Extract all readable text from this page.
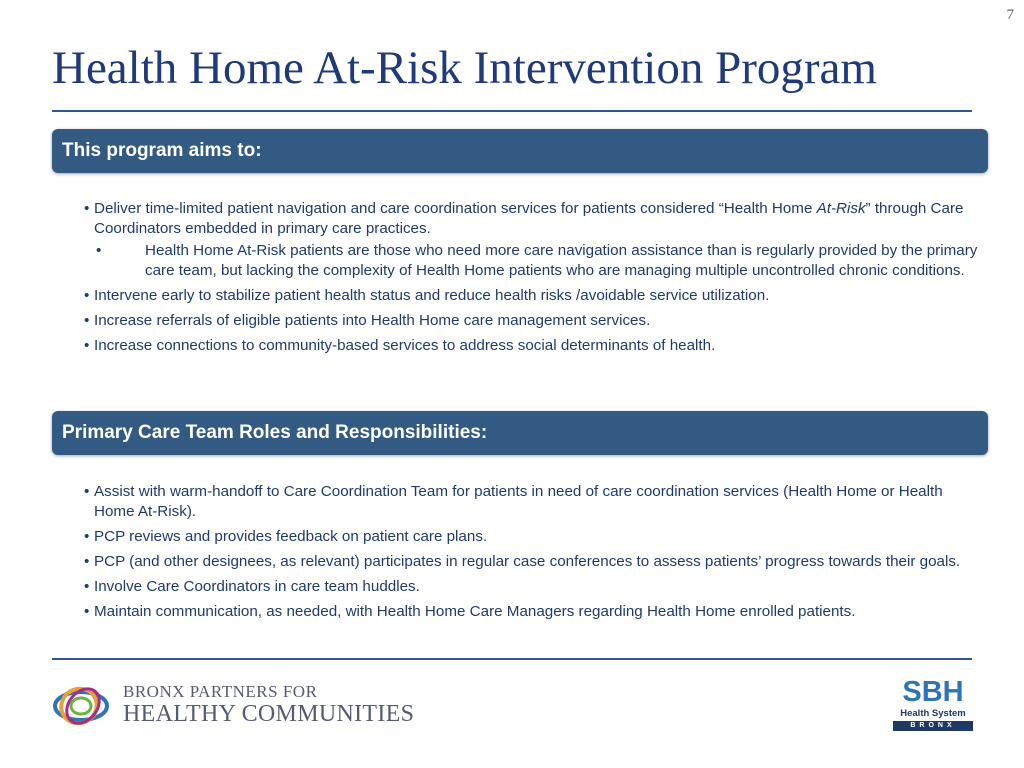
7
Health Home At-Risk Intervention Program
This program aims to:
• Deliver time-limited patient navigation and care coordination services for patients considered “Health Home At-Risk” through Care Coordinators embedded in primary care practices.
•	Health Home At-Risk patients are those who need more care navigation assistance than is regularly provided by the primary care team, but lacking the complexity of Health Home patients who are managing multiple uncontrolled chronic conditions.
• Intervene early to stabilize patient health status and reduce health risks /avoidable service utilization.
• Increase referrals of eligible patients into Health Home care management services.
• Increase connections to community-based services to address social determinants of health.
Primary Care Team Roles and Responsibilities:
• Assist with warm-handoff to Care Coordination Team for patients in need of care coordination services (Health Home or Health Home At-Risk).
• PCP reviews and provides feedback on patient care plans.
• PCP (and other designees, as relevant) participates in regular case conferences to assess patients’ progress towards their goals.
• Involve Care Coordinators in care team huddles.
• Maintain communication, as needed, with Health Home Care Managers regarding Health Home enrolled patients.
BRONX PARTNERS FOR
HEALTHY COMMUNITIES
SBH
Health System
BRONX
